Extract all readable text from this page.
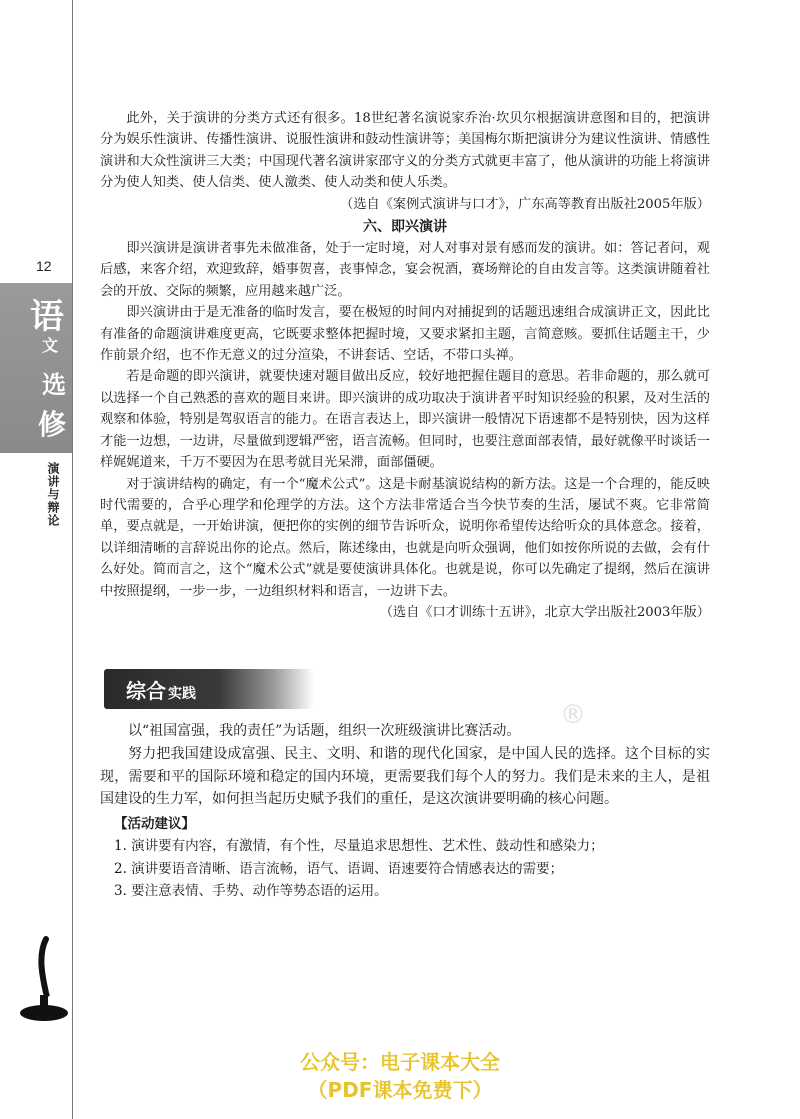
12
语
文
选
修
演讲与辩论

此外，关于演讲的分类方式还有很多。18世纪著名演说家乔治·坎贝尔根据演讲意图和目的，把演讲分为娱乐性演讲、传播性演讲、说服性演讲和鼓动性演讲等；美国梅尔斯把演讲分为建议性演讲、情感性演讲和大众性演讲三大类；中国现代著名演讲家邵守义的分类方式就更丰富了，他从演讲的功能上将演讲分为使人知类、使人信类、使人激类、使人动类和使人乐类。

（选自《案例式演讲与口才》，广东高等教育出版社2005年版）

六、即兴演讲

即兴演讲是演讲者事先未做准备，处于一定时境，对人对事对景有感而发的演讲。如：答记者问，观后感，来客介绍，欢迎致辞，婚事贺喜，丧事悼念，宴会祝酒，赛场辩论的自由发言等。这类演讲随着社会的开放、交际的频繁，应用越来越广泛。

即兴演讲由于是无准备的临时发言，要在极短的时间内对捕捉到的话题迅速组合成演讲正文，因此比有准备的命题演讲难度更高，它既要求整体把握时境，又要求紧扣主题，言简意赅。要抓住话题主干，少作前景介绍，也不作无意义的过分渲染，不讲套话、空话，不带口头禅。

若是命题的即兴演讲，就要快速对题目做出反应，较好地把握住题目的意思。若非命题的，那么就可以选择一个自己熟悉的喜欢的题目来讲。即兴演讲的成功取决于演讲者平时知识经验的积累，及对生活的观察和体验，特别是驾驭语言的能力。在语言表达上，即兴演讲一般情况下语速都不是特别快，因为这样才能一边想，一边讲，尽量做到逻辑严密，语言流畅。但同时，也要注意面部表情，最好就像平时谈话一样娓娓道来，千万不要因为在思考就目光呆滞，面部僵硬。

对于演讲结构的确定，有一个“魔术公式”。这是卡耐基演说结构的新方法。这是一个合理的，能反映时代需要的，合乎心理学和伦理学的方法。这个方法非常适合当今快节奏的生活，屡试不爽。它非常简单，要点就是，一开始讲演，便把你的实例的细节告诉听众，说明你希望传达给听众的具体意念。接着，以详细清晰的言辞说出你的论点。然后，陈述缘由，也就是向听众强调，他们如按你所说的去做，会有什么好处。简而言之，这个“魔术公式”就是要使演讲具体化。也就是说，你可以先确定了提纲，然后在演讲中按照提纲，一步一步，一边组织材料和语言，一边讲下去。

（选自《口才训练十五讲》，北京大学出版社2003年版）

综合 实践
®

以“祖国富强，我的责任”为话题，组织一次班级演讲比赛活动。

努力把我国建设成富强、民主、文明、和谐的现代化国家，是中国人民的选择。这个目标的实现，需要和平的国际环境和稳定的国内环境，更需要我们每个人的努力。我们是未来的主人，是祖国建设的生力军，如何担当起历史赋予我们的重任，是这次演讲要明确的核心问题。

【活动建议】

1. 演讲要有内容，有激情，有个性，尽量追求思想性、艺术性、鼓动性和感染力；

2. 演讲要语音清晰、语言流畅，语气、语调、语速要符合情感表达的需要；

3. 要注意表情、手势、动作等势态语的运用。

公众号：电子课本大全
（PDF课本免费下）
